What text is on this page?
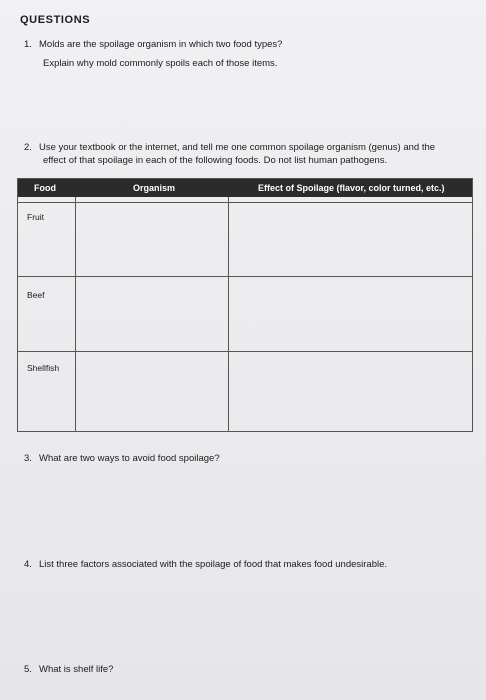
QUESTIONS
1. Molds are the spoilage organism in which two food types?
Explain why mold commonly spoils each of those items.
2. Use your textbook or the internet, and tell me one common spoilage organism (genus) and the
effect of that spoilage in each of the following foods. Do not list human pathogens.
Food	Organism	Effect of Spoilage (flavor, color turned, etc.)
Fruit
Beef
Shellfish
3. What are two ways to avoid food spoilage?
4. List three factors associated with the spoilage of food that makes food undesirable.
5. What is shelf life?
